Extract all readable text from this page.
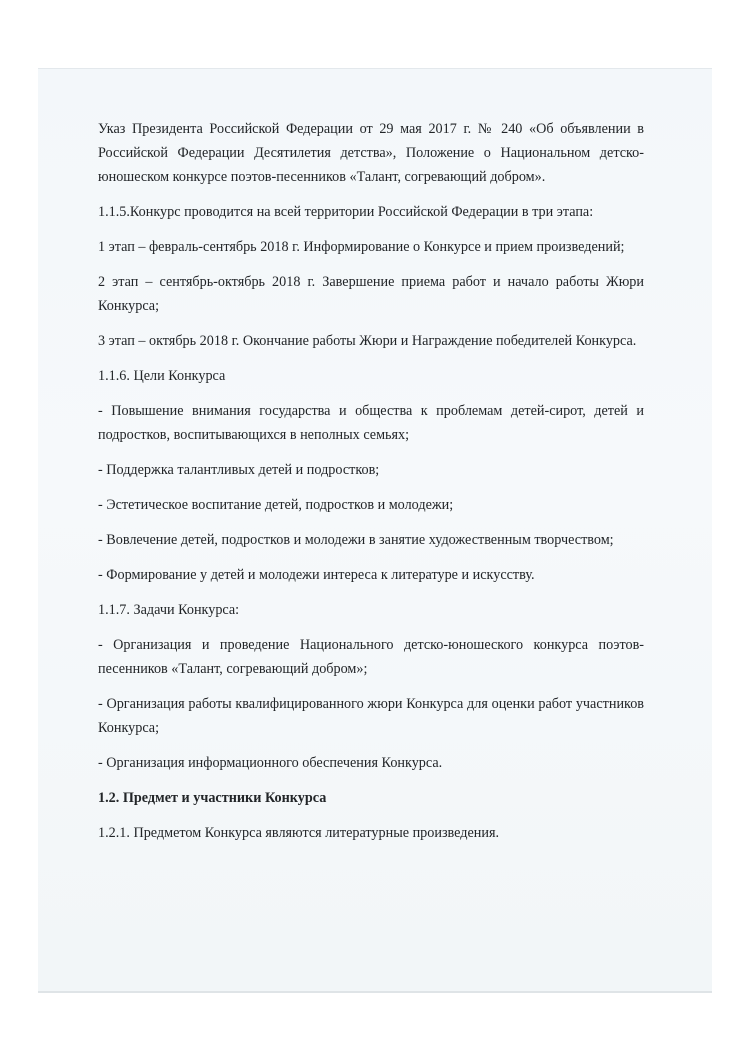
Указ Президента Российской Федерации от 29 мая 2017 г. № 240 «Об объявлении в Российской Федерации Десятилетия детства», Положение о Национальном детско-юношеском конкурсе поэтов-песенников «Талант, согревающий добром».

1.1.5.Конкурс проводится на всей территории Российской Федерации в три этапа:

1 этап – февраль-сентябрь 2018 г. Информирование о Конкурсе и прием произведений;

2 этап – сентябрь-октябрь 2018 г. Завершение приема работ и начало работы Жюри Конкурса;

3 этап – октябрь 2018 г. Окончание работы Жюри и Награждение победителей Конкурса.

1.1.6. Цели Конкурса

- Повышение внимания государства и общества к проблемам детей-сирот, детей и подростков, воспитывающихся в неполных семьях;

- Поддержка талантливых детей и подростков;

- Эстетическое воспитание детей, подростков и молодежи;

- Вовлечение детей, подростков и молодежи в занятие художественным творчеством;

- Формирование у детей и молодежи интереса к литературе и искусству.

1.1.7. Задачи Конкурса:

- Организация и проведение Национального детско-юношеского конкурса поэтов-песенников «Талант, согревающий добром»;

- Организация работы квалифицированного жюри Конкурса для оценки работ участников Конкурса;

- Организация информационного обеспечения Конкурса.

1.2. Предмет и участники Конкурса

1.2.1. Предметом Конкурса являются литературные произведения.
